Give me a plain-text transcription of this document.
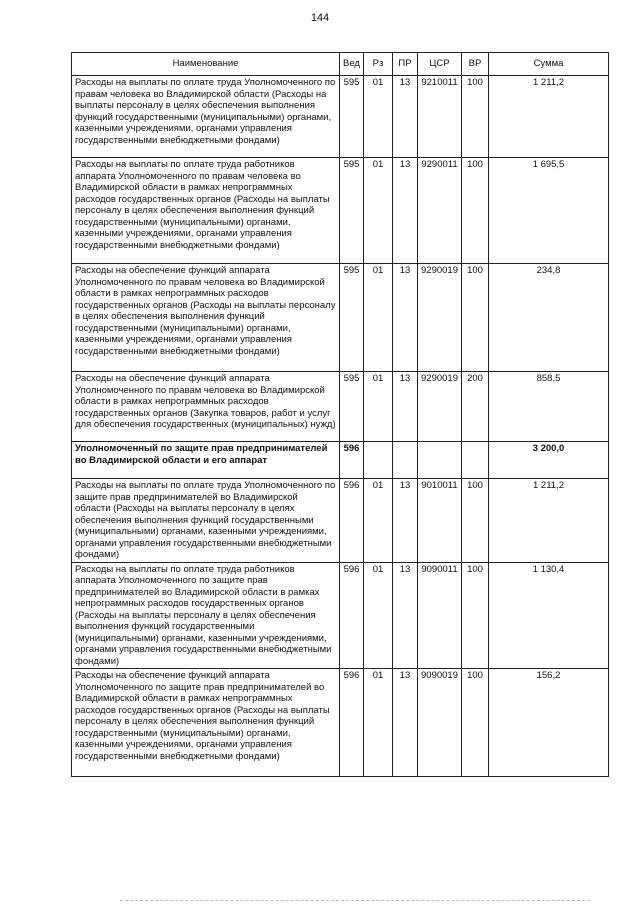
144
Наименование	Вед	Рз	ПР	ЦСР	ВР	Сумма
Расходы на выплаты по оплате труда Уполномоченного по правам человека во Владимирской области (Расходы на выплаты персоналу в целях обеспечения выполнения функций государственными (муниципальными) органами, казенными учреждениями, органами управления государственными внебюджетными фондами)	595	01	13	9210011	100	1 211,2
Расходы на выплаты по оплате труда работников аппарата Уполномоченного по правам человека во Владимирской области в рамках непрограммных расходов государственных органов (Расходы на выплаты персоналу в целях обеспечения выполнения функций государственными (муниципальными) органами, казенными учреждениями, органами управления государственными внебюджетными фондами)	595	01	13	9290011	100	1 695,5
Расходы на обеспечение функций аппарата Уполномоченного по правам человека во Владимирской области в рамках непрограммных расходов государственных органов (Расходы на выплаты персоналу в целях обеспечения выполнения функций государственными (муниципальными) органами, казенными учреждениями, органами управления государственными внебюджетными фондами)	595	01	13	9290019	100	234,8
Расходы на обеспечение функций аппарата Уполномоченного по правам человека во Владимирской области в рамках непрограммных расходов государственных органов (Закупка товаров, работ и услуг для обеспечения государственных (муниципальных) нужд)	595	01	13	9290019	200	858,5
Уполномоченный по защите прав предпринимателей во Владимирской области и его аппарат	596					3 200,0
Расходы на выплаты по оплате труда Уполномоченного по защите прав предпринимателей во Владимирской области (Расходы на выплаты персоналу в целях обеспечения выполнения функций государственными (муниципальными) органами, казенными учреждениями, органами управления государственными внебюджетными фондами)	596	01	13	9010011	100	1 211,2
Расходы на выплаты по оплате труда работников аппарата Уполномоченного по защите прав предпринимателей во Владимирской области в рамках непрограммных расходов государственных органов (Расходы на выплаты персоналу в целях обеспечения выполнения функций государственными (муниципальными) органами, казенными учреждениями, органами управления государственными внебюджетными фондами)	596	01	13	9090011	100	1 130,4
Расходы на обеспечение функций аппарата Уполномоченного по защите прав предпринимателей во Владимирской области в рамках непрограммных расходов государственных органов (Расходы на выплаты персоналу в целях обеспечения выполнения функций государственными (муниципальными) органами, казенными учреждениями, органами управления государственными внебюджетными фондами)	596	01	13	9090019	100	156,2
